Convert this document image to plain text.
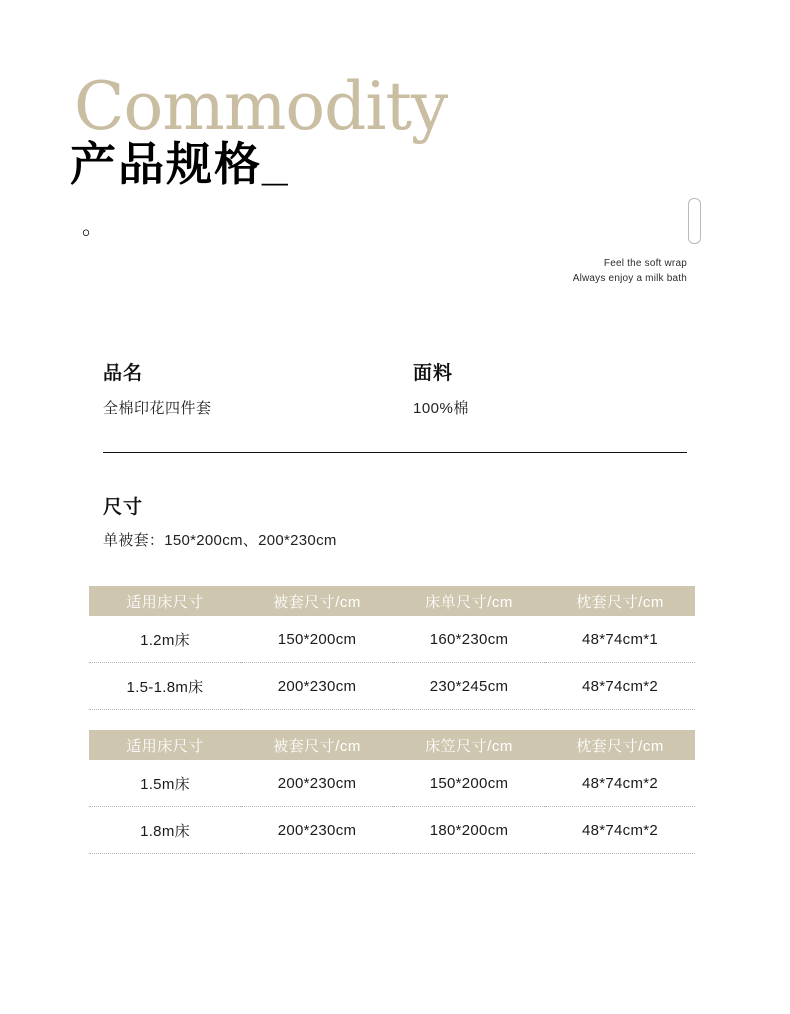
Commodity
产品规格_
。
Feel the soft wrap
Always enjoy a milk bath
品名
全棉印花四件套
面料
100%棉
尺寸
单被套：150*200cm、200*230cm
适用床尺寸	被套尺寸/cm	床单尺寸/cm	枕套尺寸/cm
1.2m床	150*200cm	160*230cm	48*74cm*1
1.5-1.8m床	200*230cm	230*245cm	48*74cm*2
适用床尺寸	被套尺寸/cm	床笠尺寸/cm	枕套尺寸/cm
1.5m床	200*230cm	150*200cm	48*74cm*2
1.8m床	200*230cm	180*200cm	48*74cm*2
